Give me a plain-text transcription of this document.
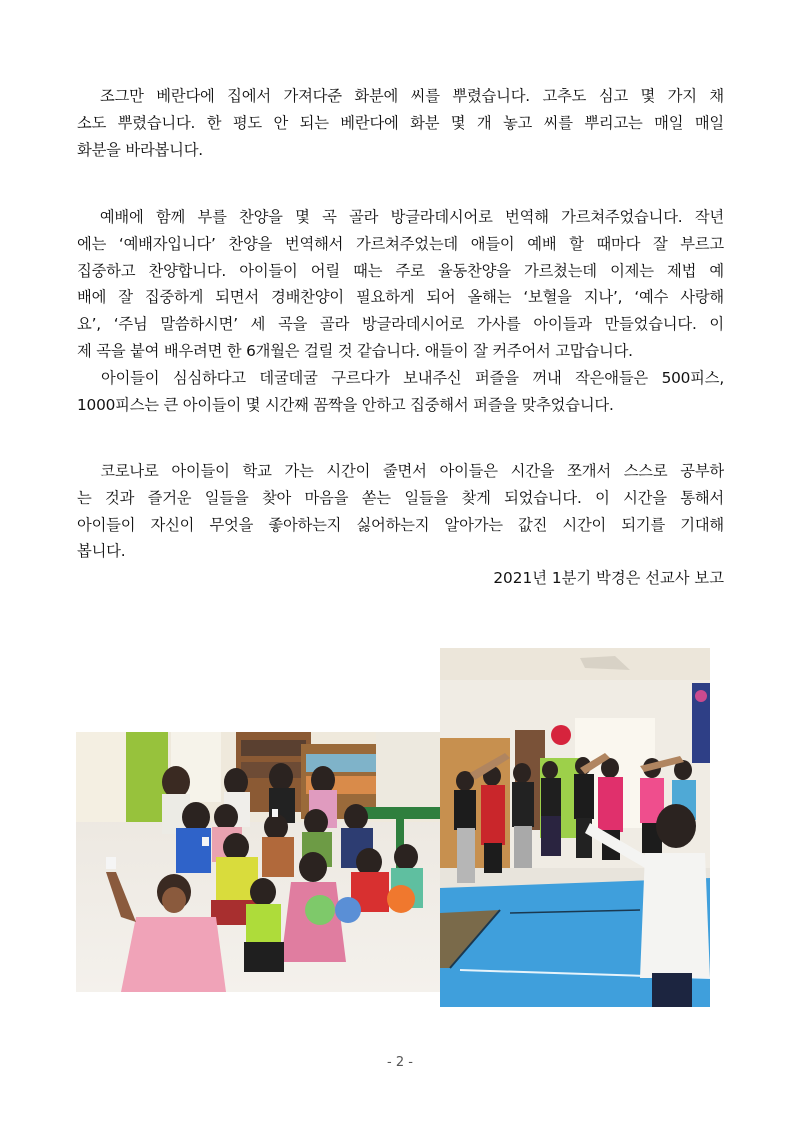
　조그만 베란다에 집에서 가져다준 화분에 씨를 뿌렸습니다. 고추도 심고 몇 가지 채
소도 뿌렸습니다. 한 평도 안 되는 베란다에 화분 몇 개 놓고 씨를 뿌리고는 매일 매일
화분을 바라봅니다.
　예배에 함께 부를 찬양을 몇 곡 골라 방글라데시어로 번역해 가르쳐주었습니다. 작년
에는 ‘예배자입니다’ 찬양을 번역해서 가르쳐주었는데 애들이 예배 할 때마다 잘 부르고
집중하고 찬양합니다. 아이들이 어릴 때는 주로 율동찬양을 가르쳤는데 이제는 제법 예
배에 잘 집중하게 되면서 경배찬양이 필요하게 되어 올해는 ‘보혈을 지나’, ‘예수 사랑해
요’, ‘주님 말씀하시면’ 세 곡을 골라 방글라데시어로 가사를 아이들과 만들었습니다. 이
제 곡을 붙여 배우려면 한 6개월은 걸릴 것 같습니다. 애들이 잘 커주어서 고맙습니다.
　아이들이 심심하다고 데굴데굴 구르다가 보내주신 퍼즐을 꺼내 작은애들은 500피스,
1000피스는 큰 아이들이 몇 시간째 꼼짝을 안하고 집중해서 퍼즐을 맞추었습니다.
　코로나로 아이들이 학교 가는 시간이 줄면서 아이들은 시간을 쪼개서 스스로 공부하
는 것과 즐거운 일들을 찾아 마음을 쏟는 일들을 찾게 되었습니다. 이 시간을 통해서
아이들이 자신이 무엇을 좋아하는지 싫어하는지 알아가는 값진 시간이 되기를 기대해
봅니다.
2021년 1분기 박경은 선교사 보고
- 2 -
